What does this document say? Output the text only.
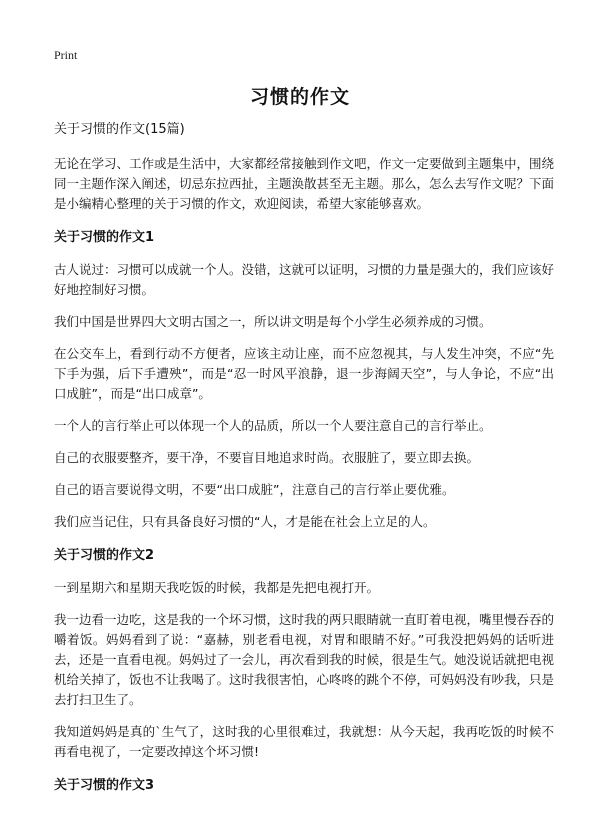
Print
习惯的作文
关于习惯的作文(15篇)

无论在学习、工作或是生活中，大家都经常接触到作文吧，作文一定要做到主题集中，围绕同一主题作深入阐述，切忌东拉西扯，主题涣散甚至无主题。那么，怎么去写作文呢？下面是小编精心整理的关于习惯的作文，欢迎阅读，希望大家能够喜欢。

关于习惯的作文1

古人说过：习惯可以成就一个人。没错，这就可以证明，习惯的力量是强大的，我们应该好好地控制好习惯。

我们中国是世界四大文明古国之一，所以讲文明是每个小学生必须养成的习惯。

在公交车上，看到行动不方便者，应该主动让座，而不应忽视其，与人发生冲突，不应“先下手为强，后下手遭殃”，而是“忍一时风平浪静，退一步海阔天空”，与人争论，不应“出口成脏”，而是“出口成章”。

一个人的言行举止可以体现一个人的品质，所以一个人要注意自己的言行举止。

自己的衣服要整齐，要干净，不要盲目地追求时尚。衣服脏了，要立即去换。

自己的语言要说得文明，不要“出口成脏”，注意自己的言行举止要优雅。

我们应当记住，只有具备良好习惯的“人，才是能在社会上立足的人。

关于习惯的作文2

一到星期六和星期天我吃饭的时候，我都是先把电视打开。

我一边看一边吃，这是我的一个坏习惯，这时我的两只眼睛就一直盯着电视，嘴里慢吞吞的嚼着饭。妈妈看到了说：“嘉赫，别老看电视，对胃和眼睛不好。”可我没把妈妈的话听进去，还是一直看电视。妈妈过了一会儿，再次看到我的时候，很是生气。她没说话就把电视机给关掉了，饭也不让我喝了。这时我很害怕，心咚咚的跳个不停，可妈妈没有吵我，只是去打扫卫生了。

我知道妈妈是真的`生气了，这时我的心里很难过，我就想：从今天起，我再吃饭的时候不再看电视了，一定要改掉这个坏习惯!

关于习惯的作文3
